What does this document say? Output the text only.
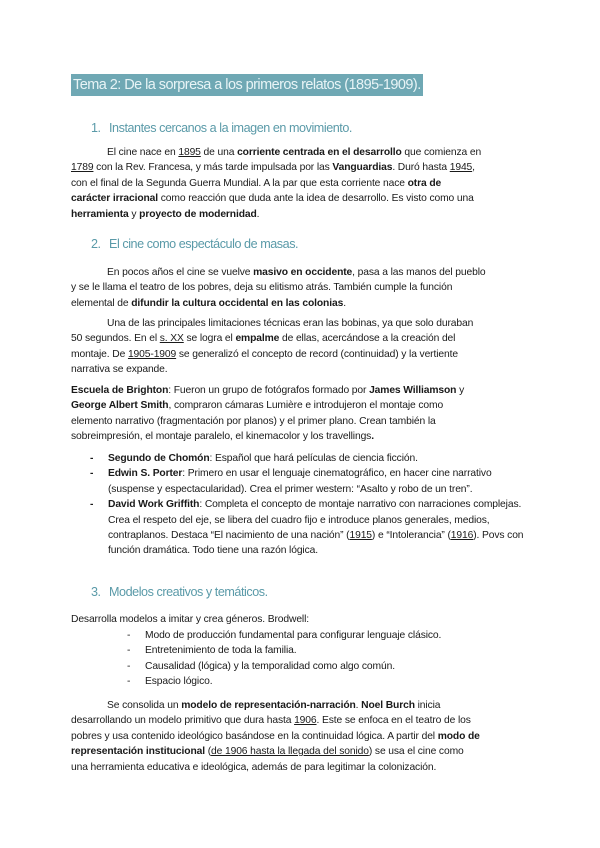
Tema 2: De la sorpresa a los primeros relatos (1895-1909).
1. Instantes cercanos a la imagen en movimiento.
El cine nace en 1895 de una corriente centrada en el desarrollo que comienza en
1789 con la Rev. Francesa, y más tarde impulsada por las Vanguardias. Duró hasta 1945,
con el final de la Segunda Guerra Mundial. A la par que esta corriente nace otra de
carácter irracional como reacción que duda ante la idea de desarrollo. Es visto como una
herramienta y proyecto de modernidad.
2. El cine como espectáculo de masas.
En pocos años el cine se vuelve masivo en occidente, pasa a las manos del pueblo
y se le llama el teatro de los pobres, deja su elitismo atrás. También cumple la función
elemental de difundir la cultura occidental en las colonias.
Una de las principales limitaciones técnicas eran las bobinas, ya que solo duraban
50 segundos. En el s. XX se logra el empalme de ellas, acercándose a la creación del
montaje. De 1905-1909 se generalizó el concepto de record (continuidad) y la vertiente
narrativa se expande.
Escuela de Brighton: Fueron un grupo de fotógrafos formado por James Williamson y
George Albert Smith, compraron cámaras Lumière e introdujeron el montaje como
elemento narrativo (fragmentación por planos) y el primer plano. Crean también la
sobreimpresión, el montaje paralelo, el kinemacolor y los travellings.
- Segundo de Chomón: Español que hará películas de ciencia ficción.
- Edwin S. Porter: Primero en usar el lenguaje cinematográfico, en hacer cine narrativo (suspense y espectacularidad). Crea el primer western: “Asalto y robo de un tren”.
- David Work Griffith: Completa el concepto de montaje narrativo con narraciones complejas. Crea el respeto del eje, se libera del cuadro fijo e introduce planos generales, medios, contraplanos. Destaca “El nacimiento de una nación” (1915) e “Intolerancia” (1916). Povs con función dramática. Todo tiene una razón lógica.
3. Modelos creativos y temáticos.
Desarrolla modelos a imitar y crea géneros. Brodwell:
- Modo de producción fundamental para configurar lenguaje clásico.
- Entretenimiento de toda la familia.
- Causalidad (lógica) y la temporalidad como algo común.
- Espacio lógico.
Se consolida un modelo de representación-narración. Noel Burch inicia
desarrollando un modelo primitivo que dura hasta 1906. Este se enfoca en el teatro de los
pobres y usa contenido ideológico basándose en la continuidad lógica. A partir del modo de
representación institucional (de 1906 hasta la llegada del sonido) se usa el cine como
una herramienta educativa e ideológica, además de para legitimar la colonización.
